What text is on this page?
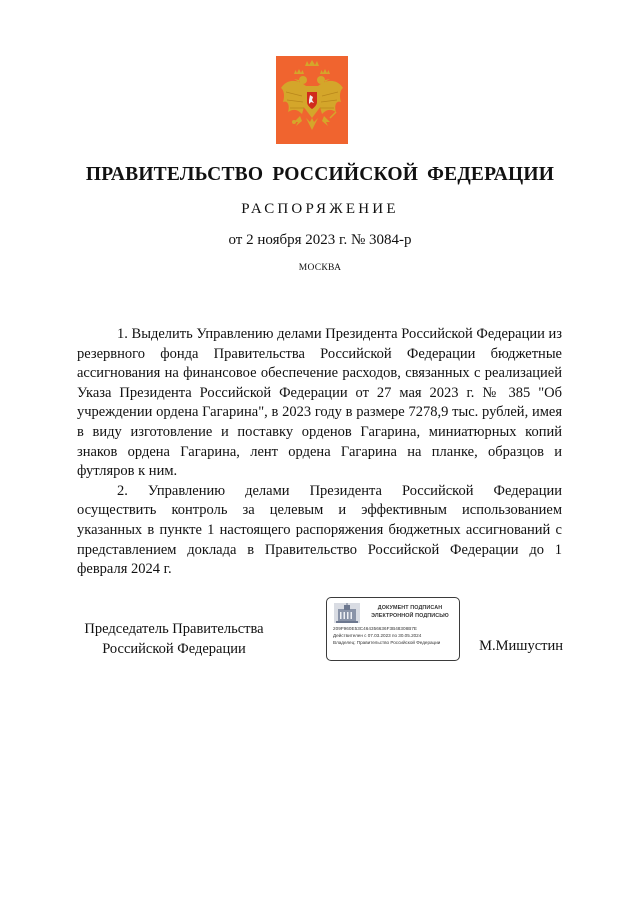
ПРАВИТЕЛЬСТВО РОССИЙСКОЙ ФЕДЕРАЦИИ
РАСПОРЯЖЕНИЕ
от 2 ноября 2023 г. № 3084-р
МОСКВА

1. Выделить Управлению делами Президента Российской Федерации из резервного фонда Правительства Российской Федерации бюджетные ассигнования на финансовое обеспечение расходов, связанных с реализацией Указа Президента Российской Федерации от 27 мая 2023 г. № 385 "Об учреждении ордена Гагарина", в 2023 году в размере 7278,9 тыс. рублей, имея в виду изготовление и поставку орденов Гагарина, миниатюрных копий знаков ордена Гагарина, лент ордена Гагарина на планке, образцов и футляров к ним.

2. Управлению делами Президента Российской Федерации осуществить контроль за целевым и эффективным использованием указанных в пункте 1 настоящего распоряжения бюджетных ассигнований с представлением доклада в Правительство Российской Федерации до 1 февраля 2024 г.

Председатель Правительства
Российской Федерации
ДОКУМЕНТ ПОДПИСАН
ЭЛЕКТРОННОЙ ПОДПИСЬЮ
209F960E53C464356636F3B48308B7E
Действителен с 07.03.2023 по 30.05.2024
Владелец: Правительство Российской Федерации	М.Мишустин
